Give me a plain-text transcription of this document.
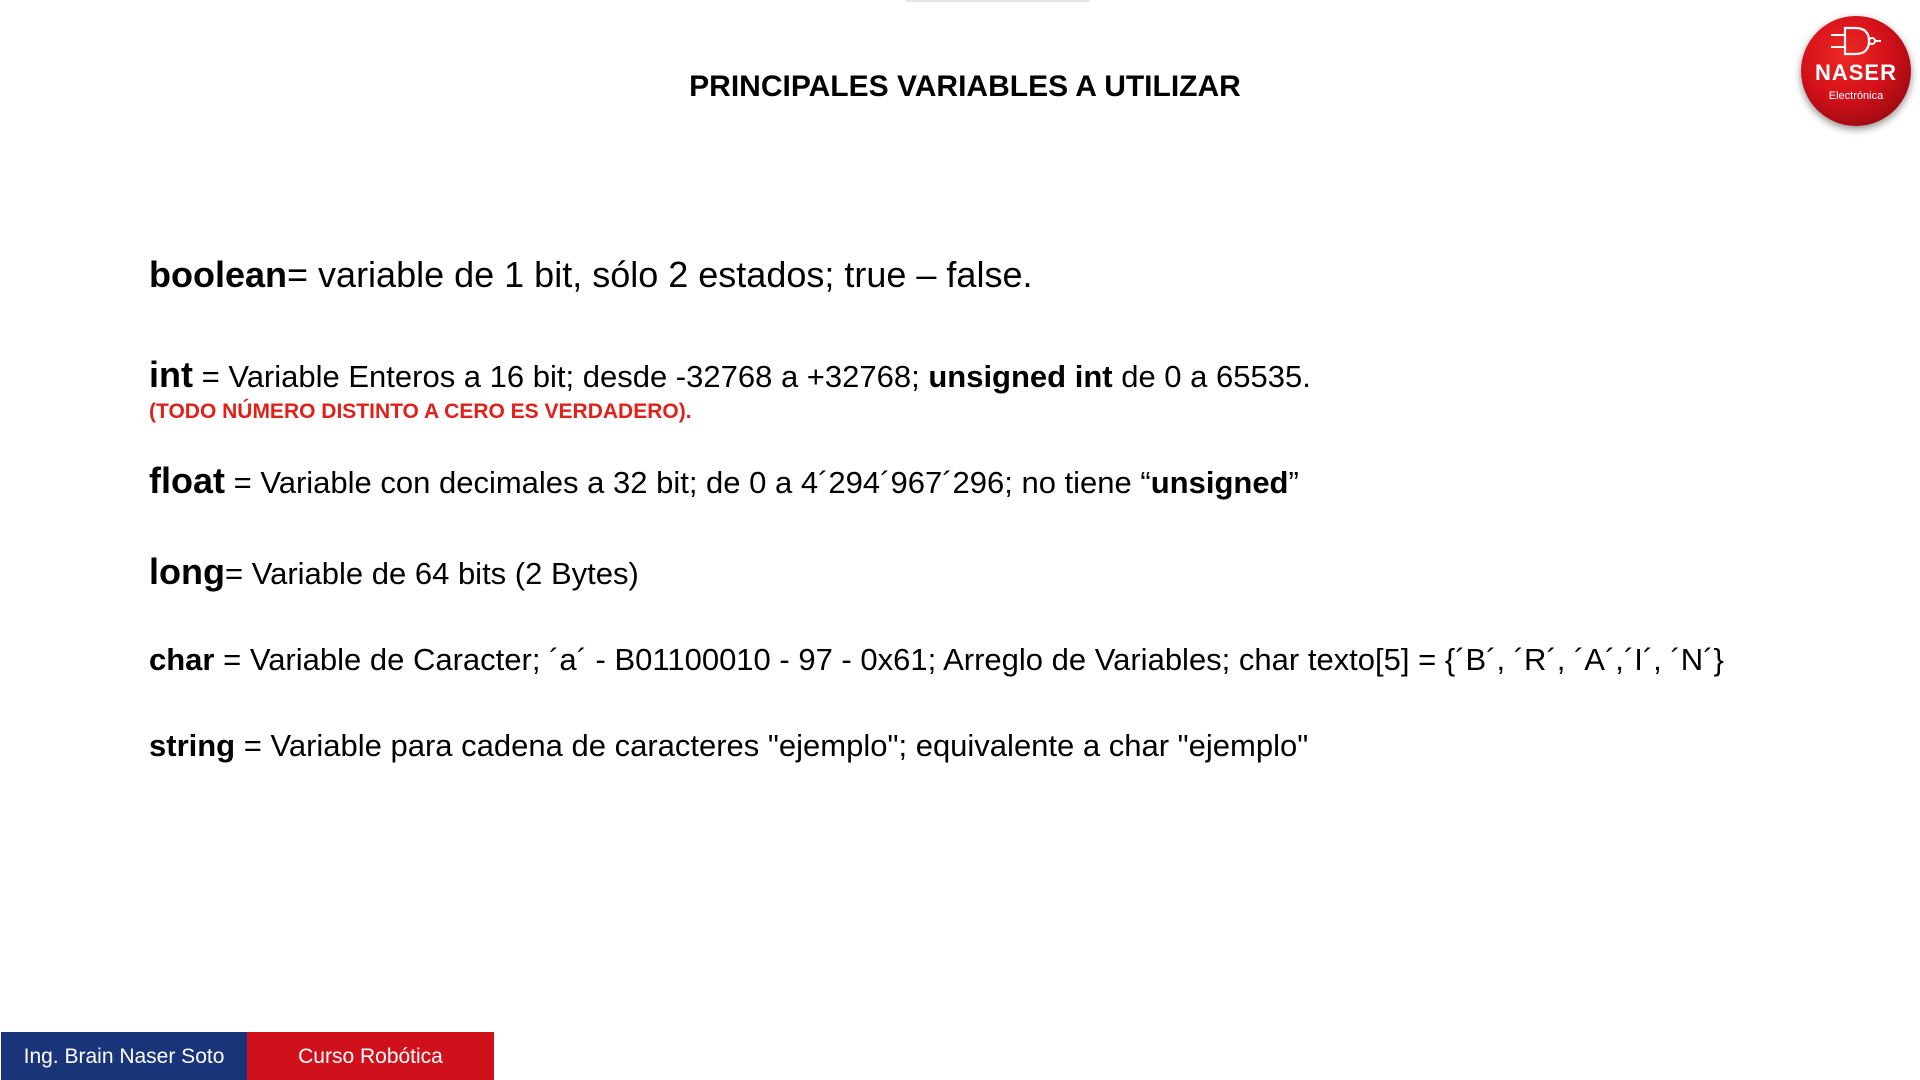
PRINCIPALES VARIABLES A UTILIZAR	NASER
Electrónica
boolean= variable de 1 bit, sólo 2 estados; true – false.
int = Variable Enteros a 16 bit; desde -32768 a +32768; unsigned int de 0 a 65535.
(TODO NÚMERO DISTINTO A CERO ES VERDADERO).
float = Variable con decimales a 32 bit; de 0 a 4´294´967´296; no tiene “unsigned”
long= Variable de 64 bits (2 Bytes)
char = Variable de Caracter; ´a´ - B01100010 - 97 - 0x61; Arreglo de Variables; char texto[5] = {´B´, ´R´, ´A´,´I´, ´N´}
string = Variable para cadena de caracteres "ejemplo"; equivalente a char "ejemplo"
Ing. Brain Naser Soto	Curso Robótica
